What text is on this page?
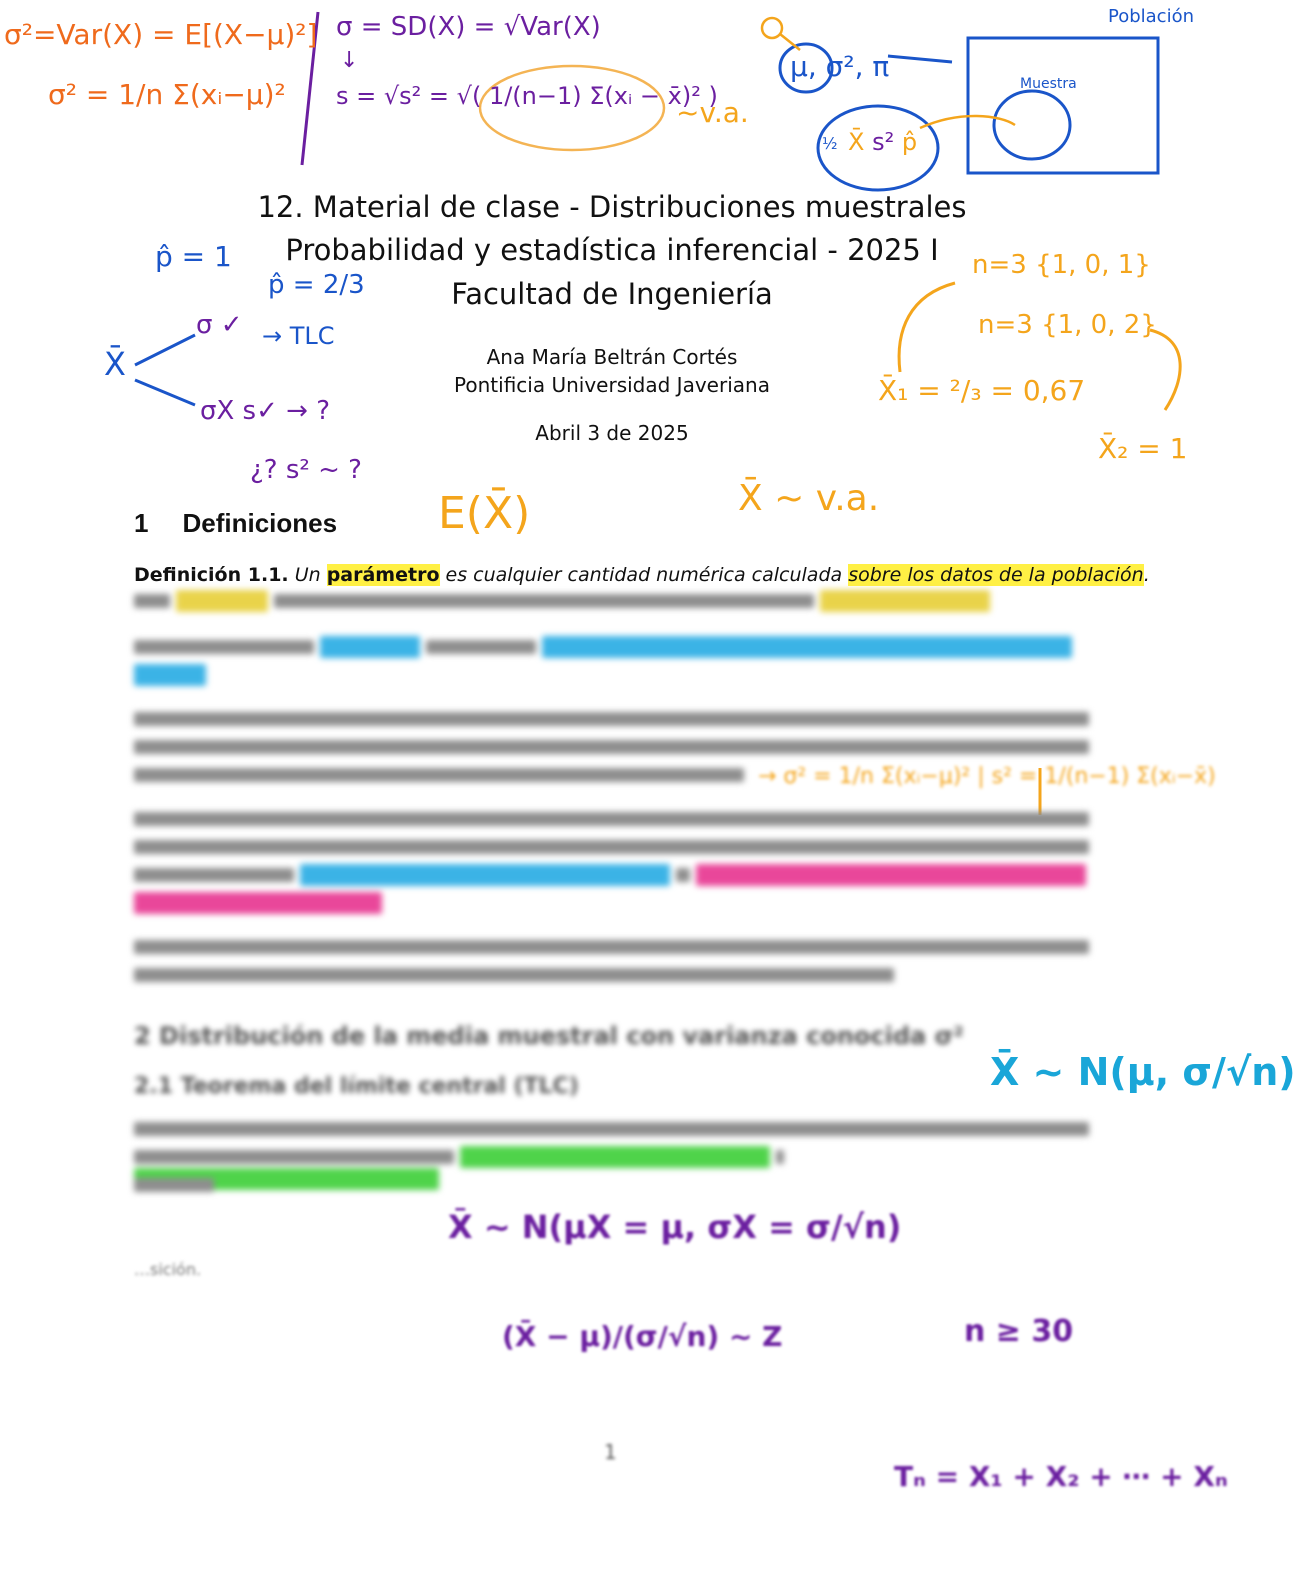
σ²=Var(X) = E[(X−μ)²]
σ² = 1/n Σ(xᵢ−μ)²
σ = SD(X) = √Var(X)
↓
s = √s² = √( 1/(n−1) Σ(xᵢ − x̄)² )
~v.a.
Población
Muestra
μ, σ², π
½ X̄ s² p̂
12. Material de clase - Distribuciones muestrales
Probabilidad y estadística inferencial - 2025 I
Facultad de Ingeniería
Ana María Beltrán Cortés
Pontificia Universidad Javeriana
Abril 3 de 2025
p̂ = 1
p̂ = 2/3
X̄
σ ✓ → TLC
σX s✓ → ?
¿? s² ~ ?
n=3 {1, 0, 1}
n=3 {1, 0, 2}
X̄₁ = ²/₃ = 0,67
X̄₂ = 1
E(X̄)	X̄ ~ v.a.
1 Definiciones
Definición 1.1. Un parámetro es cualquier cantidad numérica calculada sobre los datos de la población.
→ σ² = 1/n Σ(xᵢ−μ)² | s² = 1/(n−1) Σ(xᵢ−x̄)
2 Distribución de la media muestral con varianza conocida σ²
2.1 Teorema del límite central (TLC)	X̄ ~ N(μ, σ/√n)
X̄ ~ N(μX = μ, σX = σ/√n)
…sición.
(X̄ − μ)/(σ/√n) ~ Z	n ≥ 30
1
Tₙ = X₁ + X₂ + ⋯ + Xₙ
